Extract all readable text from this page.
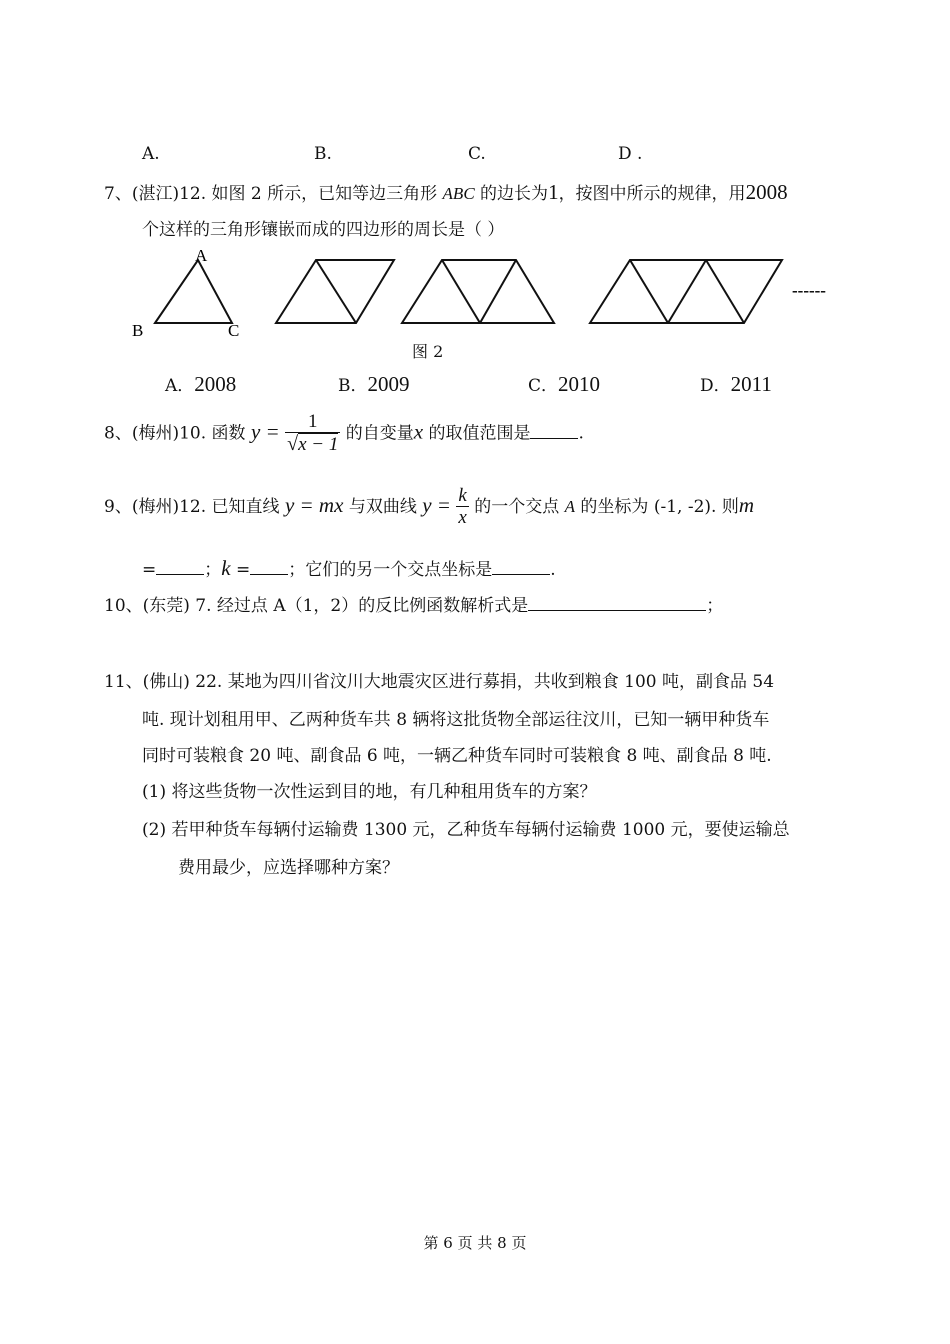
A.	B.	C.	D .
7、(湛江)12. 如图 2 所示，已知等边三角形 ABC 的边长为1，按图中所示的规律，用2008
个这样的三角形镶嵌而成的四边形的周长是（ ）
A
B	C
------
图 2
A．2008	B．2009	C．2010	D．2011
8、(梅州)10. 函数 $y = \frac{1}{√x - 1}$ 的自变量x 的取值范围是	.
9、(梅州)12. 已知直线 y = mx 与双曲线 $y = \frac{k}{x}$ 的一个交点 A 的坐标为 (-1, -2). 则m
=	；k = ；它们的另一个交点坐标是	.
10、(东莞) 7. 经过点 A（1，2）的反比例函数解析式是	；
11、(佛山) 22. 某地为四川省汶川大地震灾区进行募捐，共收到粮食 100 吨，副食品 54
吨. 现计划租用甲、乙两种货车共 8 辆将这批货物全部运往汶川，已知一辆甲种货车
同时可装粮食 20 吨、副食品 6 吨，一辆乙种货车同时可装粮食 8 吨、副食品 8 吨.
(1) 将这些货物一次性运到目的地，有几种租用货车的方案？
(2) 若甲种货车每辆付运输费 1300 元，乙种货车每辆付运输费 1000 元，要使运输总
费用最少，应选择哪种方案？
第 6 页 共 8 页
